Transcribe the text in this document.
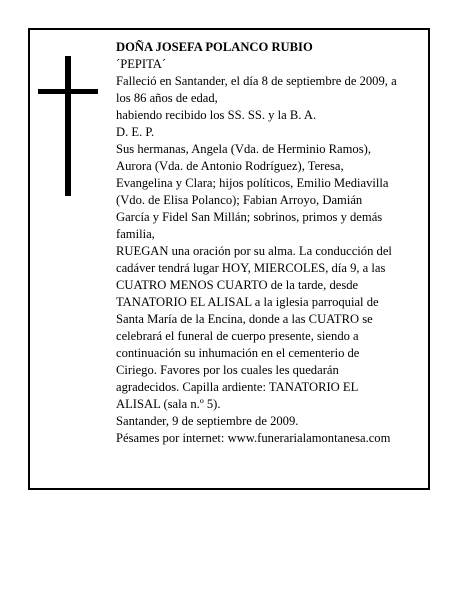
DOÑA JOSEFA POLANCO RUBIO
´PEPITA´
Falleció en Santander, el día 8 de septiembre de 2009, a
los 86 años de edad,
habiendo recibido los SS. SS. y la B. A.
D. E. P.
Sus hermanas, Angela (Vda. de Herminio Ramos),
Aurora (Vda. de Antonio Rodríguez), Teresa,
Evangelina y Clara; hijos políticos, Emilio Mediavilla
(Vdo. de Elisa Polanco); Fabian Arroyo, Damián
García y Fidel San Millán; sobrinos, primos y demás
familia,
RUEGAN una oración por su alma. La conducción del
cadáver tendrá lugar HOY, MIERCOLES, día 9, a las
CUATRO MENOS CUARTO de la tarde, desde
TANATORIO EL ALISAL a la iglesia parroquial de
Santa María de la Encina, donde a las CUATRO se
celebrará el funeral de cuerpo presente, siendo a
continuación su inhumación en el cementerio de
Ciriego. Favores por los cuales les quedarán
agradecidos. Capilla ardiente: TANATORIO EL
ALISAL (sala n.º 5).
Santander, 9 de septiembre de 2009.
Pésames por internet: www.funerarialamontanesa.com
